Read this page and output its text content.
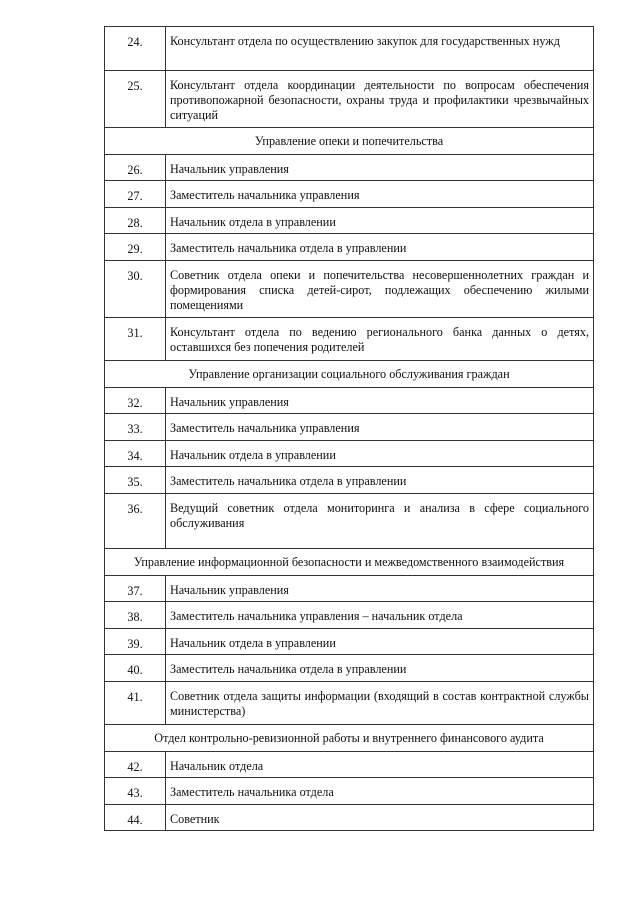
24.	Консультант отдела по осуществлению закупок для государственных нужд
25.	Консультант отдела координации деятельности по вопросам обеспечения противопожарной безопасности, охраны труда и профилактики чрезвычайных ситуаций
Управление опеки и попечительства	
26.	Начальник управления
27.	Заместитель начальника управления
28.	Начальник отдела в управлении
29.	Заместитель начальника отдела в управлении
30.	Советник отдела опеки и попечительства несовершеннолетних граждан и формирования списка детей-сирот, подлежащих обеспечению жилыми помещениями
31.	Консультант отдела по ведению регионального банка данных о детях, оставшихся без попечения родителей
Управление организации социального обслуживания граждан	
32.	Начальник управления
33.	Заместитель начальника управления
34.	Начальник отдела в управлении
35.	Заместитель начальника отдела в управлении
36.	Ведущий советник отдела мониторинга и анализа в сфере социального обслуживания
Управление информационной безопасности и межведомственного взаимодействия	
37.	Начальник управления
38.	Заместитель начальника управления – начальник отдела
39.	Начальник отдела в управлении
40.	Заместитель начальника отдела в управлении
41.	Советник отдела защиты информации (входящий в состав контрактной службы министерства)
Отдел контрольно-ревизионной работы и внутреннего финансового аудита	
42.	Начальник отдела
43.	Заместитель начальника отдела
44.	Советник
